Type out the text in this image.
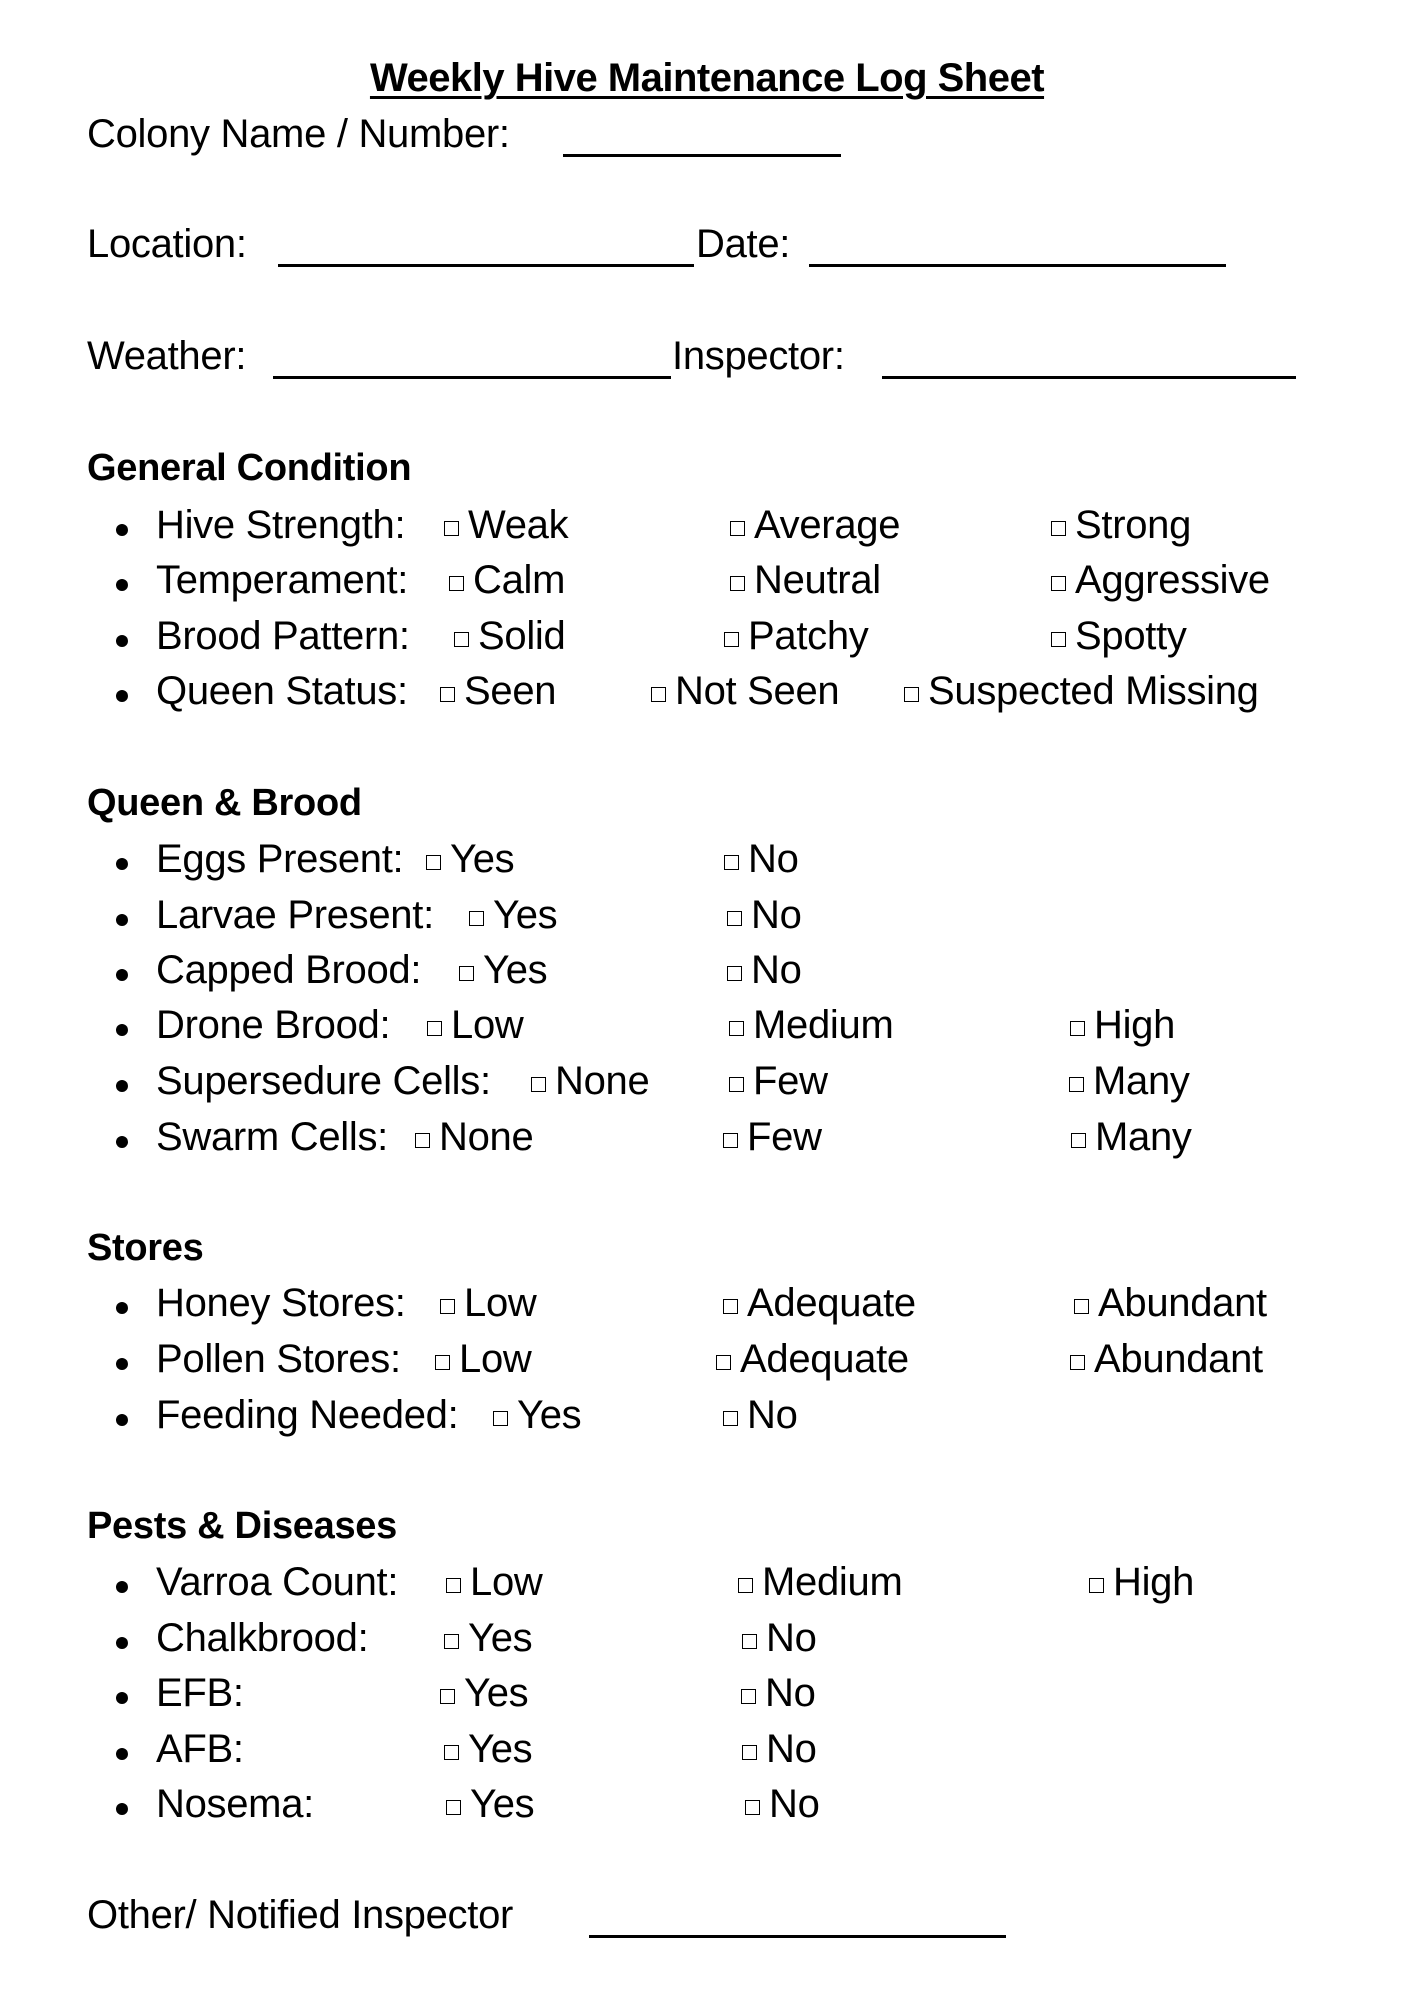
Weekly Hive Maintenance Log Sheet
Colony Name / Number:
Location:	Date:
Weather:	Inspector:
General Condition
Hive Strength:	Weak	Average	Strong
Temperament:	Calm	Neutral	Aggressive
Brood Pattern:	Solid	Patchy	Spotty
Queen Status:	Seen	Not Seen	Suspected Missing
Queen & Brood
Eggs Present:	Yes	No
Larvae Present:	Yes	No
Capped Brood:	Yes	No
Drone Brood:	Low	Medium	High
Supersedure Cells:	None	Few	Many
Swarm Cells:	None	Few	Many
Stores
Honey Stores:	Low	Adequate	Abundant
Pollen Stores:	Low	Adequate	Abundant
Feeding Needed:	Yes	No
Pests & Diseases
Varroa Count:	Low	Medium	High
Chalkbrood:	Yes	No
EFB:	Yes	No
AFB:	Yes	No
Nosema:	Yes	No
Other/ Notified Inspector
